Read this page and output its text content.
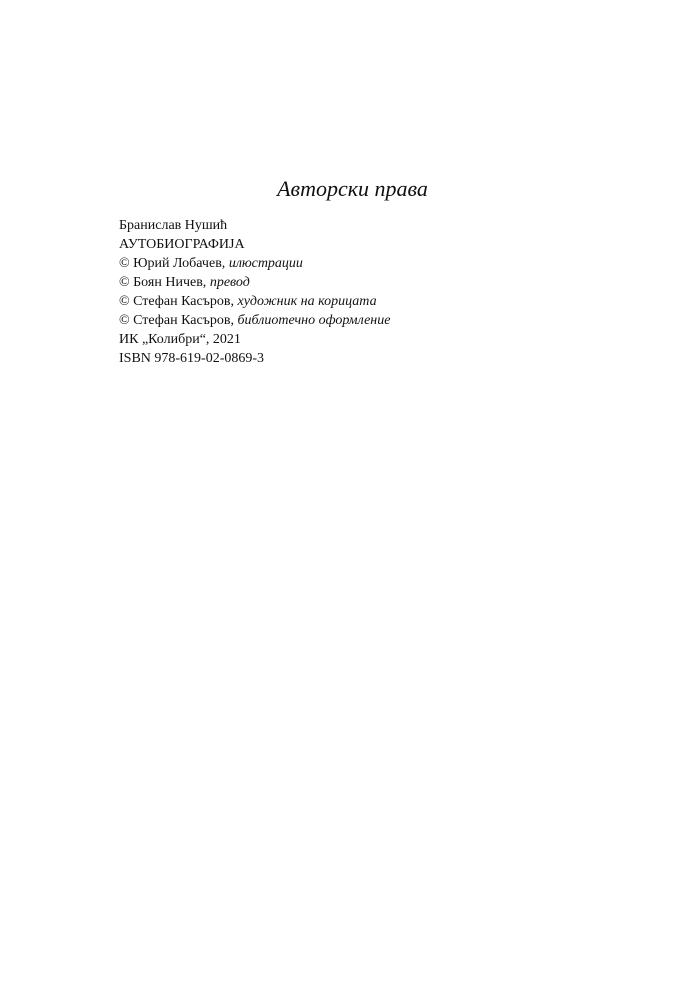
Авторски права
Бранислав Нушић
АУТОБИОГРАФИЈА
© Юрий Лобачев, илюстрации
© Боян Ничев, превод
© Стефан Касъров, художник на корицата
© Стефан Касъров, библиотечно оформление
ИК „Колибри“, 2021
ISBN 978-619-02-0869-3
